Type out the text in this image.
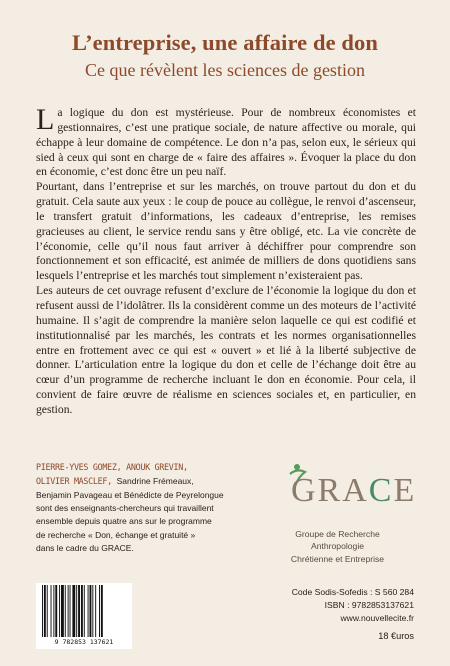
L’entreprise, une affaire de don
Ce que révèlent les sciences de gestion

La logique du don est mystérieuse. Pour de nombreux économistes et gestionnaires, c’est une pratique sociale, de nature affective ou morale, qui échappe à leur domaine de compétence. Le don n’a pas, selon eux, le sérieux qui sied à ceux qui sont en charge de « faire des affaires ». Évoquer la place du don en économie, c’est donc être un peu naïf.

Pourtant, dans l’entreprise et sur les marchés, on trouve partout du don et du gratuit. Cela saute aux yeux : le coup de pouce au collègue, le renvoi d’ascenseur, le transfert gratuit d’informations, les cadeaux d’entreprise, les remises gracieuses au client, le service rendu sans y être obligé, etc. La vie concrète de l’économie, celle qu’il nous faut arriver à déchiffrer pour comprendre son fonctionnement et son efficacité, est animée de milliers de dons quotidiens sans lesquels l’entreprise et les marchés tout simplement n’existeraient pas.

Les auteurs de cet ouvrage refusent d’exclure de l’économie la logique du don et refusent aussi de l’idolâtrer. Ils la considèrent comme un des moteurs de l’activité humaine. Il s’agit de comprendre la manière selon laquelle ce qui est codifié et institutionnalisé par les marchés, les contrats et les normes organisationnelles entre en frottement avec ce qui est « ouvert » et lié à la liberté subjective de donner. L’articulation entre la logique du don et celle de l’échange doit être au cœur d’un programme de recherche incluant le don en économie. Pour cela, il convient de faire œuvre de réalisme en sciences sociales et, en particulier, en gestion.

PIERRE-YVES GOMEZ, ANOUK GREVIN,
OLIVIER MASCLEF, Sandrine Frémeaux,
Benjamin Pavageau et Bénédicte de Peyrelongue
sont des enseignants-chercheurs qui travaillent
ensemble depuis quatre ans sur le programme
de recherche « Don, échange et gratuité »
dans le cadre du GRACE.
GRACE
Groupe de Recherche
Anthropologie
Chrétienne et Entreprise
9 782853 137621
Code Sodis-Sofedis : S 560 284
ISBN : 9782853137621
www.nouvellecite.fr
18 €uros
